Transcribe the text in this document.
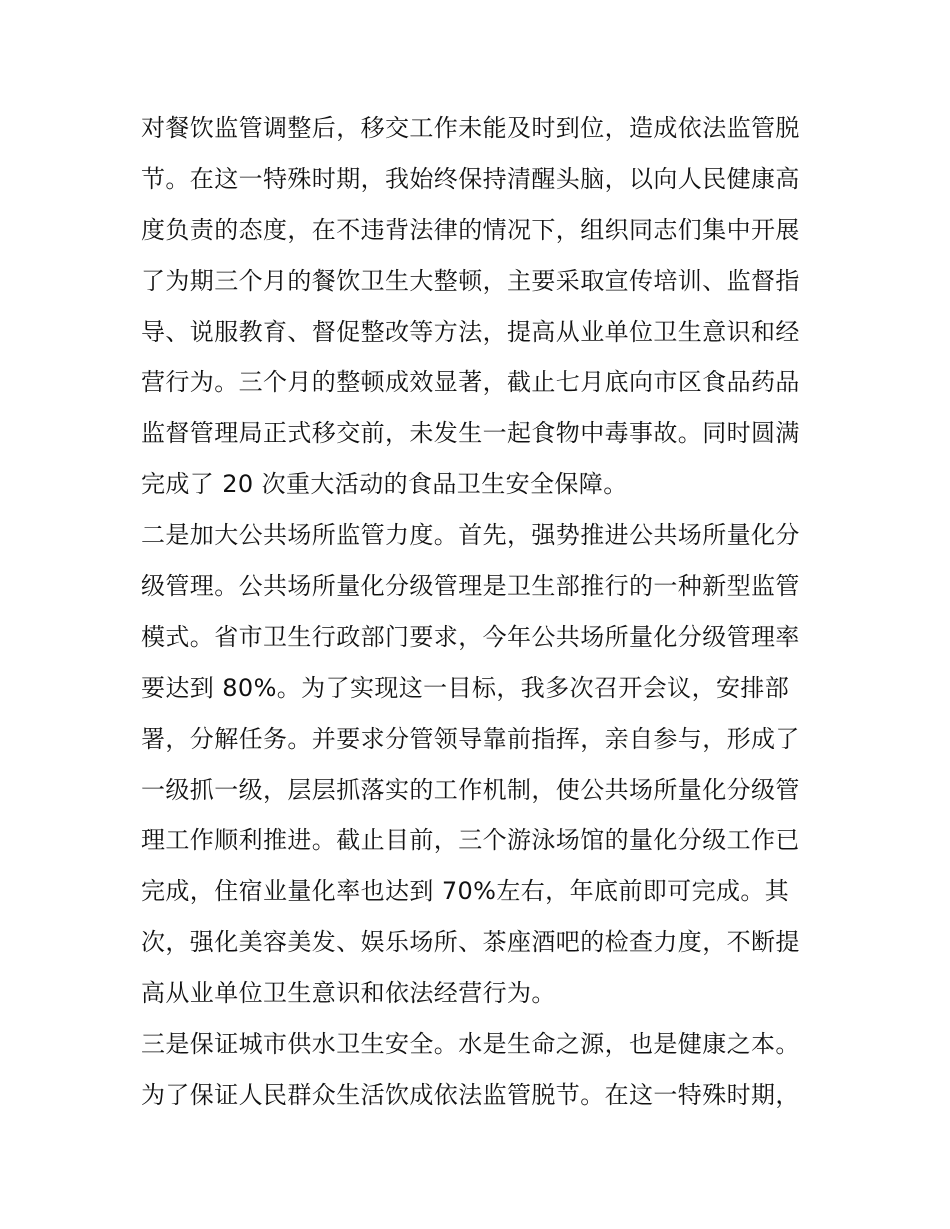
对餐饮监管调整后，移交工作未能及时到位，造成依法监管脱
节。在这一特殊时期，我始终保持清醒头脑，以向人民健康高
度负责的态度，在不违背法律的情况下，组织同志们集中开展
了为期三个月的餐饮卫生大整顿，主要采取宣传培训、监督指
导、说服教育、督促整改等方法，提高从业单位卫生意识和经
营行为。三个月的整顿成效显著，截止七月底向市区食品药品
监督管理局正式移交前，未发生一起食物中毒事故。同时圆满
完成了 20 次重大活动的食品卫生安全保障。
二是加大公共场所监管力度。首先，强势推进公共场所量化分
级管理。公共场所量化分级管理是卫生部推行的一种新型监管
模式。省市卫生行政部门要求，今年公共场所量化分级管理率
要达到 80%。为了实现这一目标，我多次召开会议，安排部
署，分解任务。并要求分管领导靠前指挥，亲自参与，形成了
一级抓一级，层层抓落实的工作机制，使公共场所量化分级管
理工作顺利推进。截止目前，三个游泳场馆的量化分级工作已
完成，住宿业量化率也达到 70%左右，年底前即可完成。其
次，强化美容美发、娱乐场所、茶座酒吧的检查力度，不断提
高从业单位卫生意识和依法经营行为。
三是保证城市供水卫生安全。水是生命之源，也是健康之本。
为了保证人民群众生活饮成依法监管脱节。在这一特殊时期，
